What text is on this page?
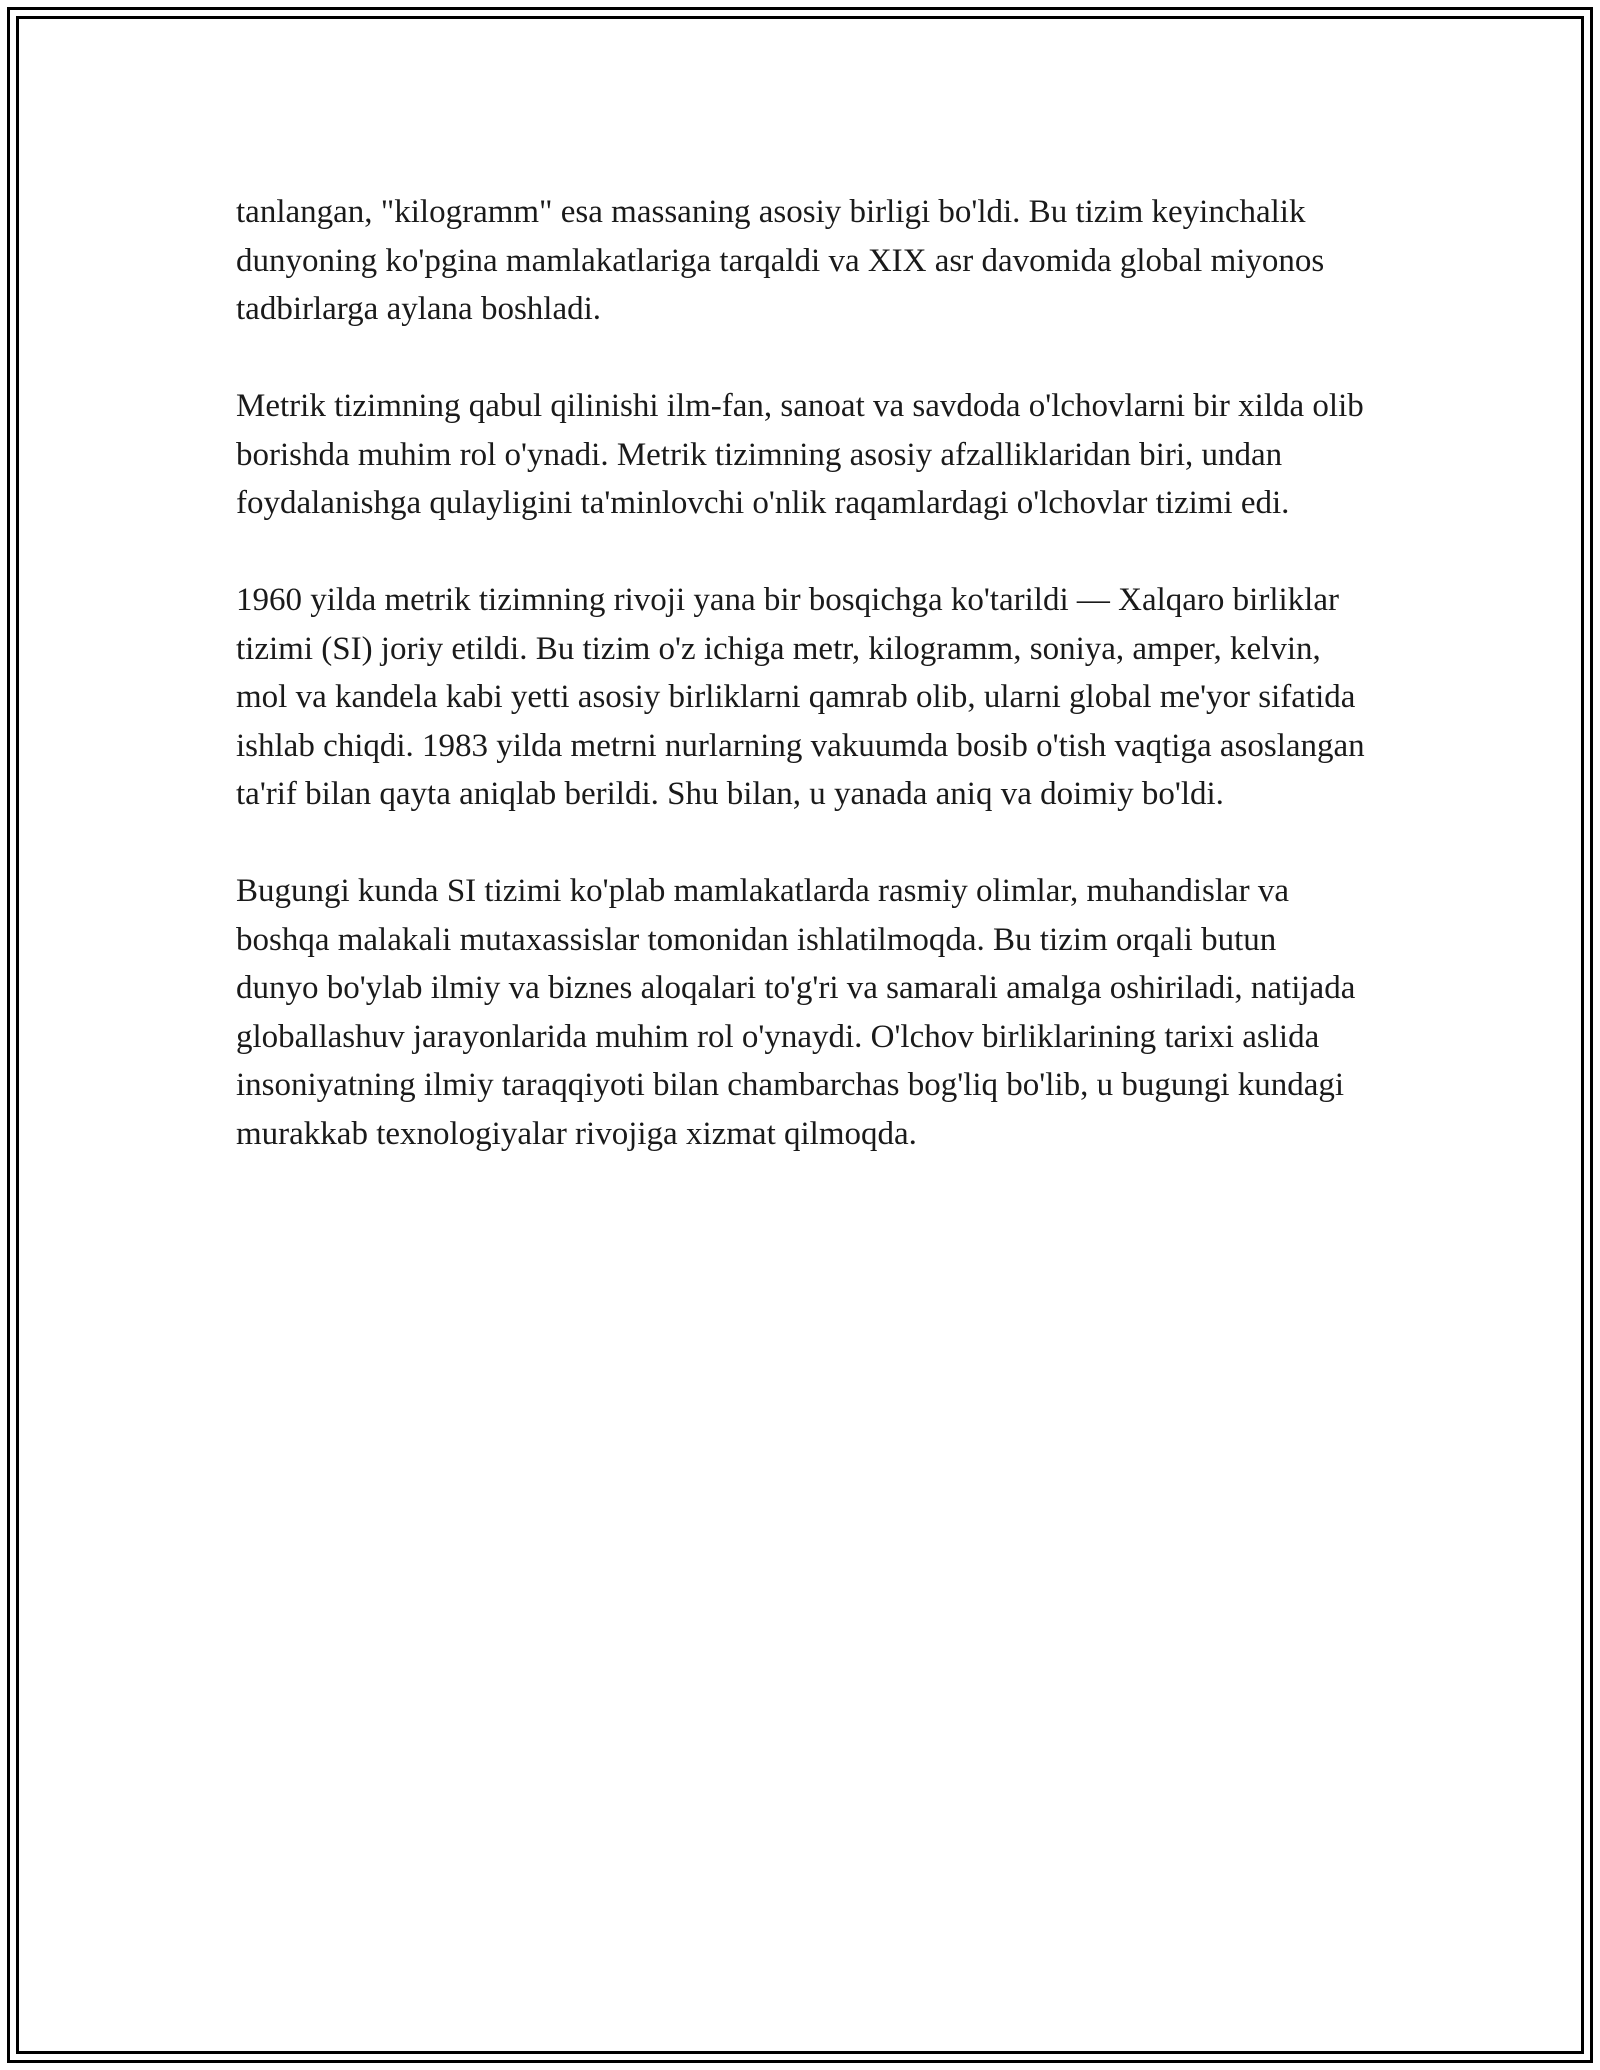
tanlangan, "kilogramm" esa massaning asosiy birligi bo'ldi. Bu tizim keyinchalik dunyoning ko'pgina mamlakatlariga tarqaldi va XIX asr davomida global miyonos tadbirlarga aylana boshladi.

Metrik tizimning qabul qilinishi ilm-fan, sanoat va savdoda o'lchovlarni bir xilda olib borishda muhim rol o'ynadi. Metrik tizimning asosiy afzalliklaridan biri, undan foydalanishga qulayligini ta'minlovchi o'nlik raqamlardagi o'lchovlar tizimi edi.

1960 yilda metrik tizimning rivoji yana bir bosqichga ko'tarildi — Xalqaro birliklar tizimi (SI) joriy etildi. Bu tizim o'z ichiga metr, kilogramm, soniya, amper, kelvin, mol va kandela kabi yetti asosiy birliklarni qamrab olib, ularni global me'yor sifatida ishlab chiqdi. 1983 yilda metrni nurlarning vakuumda bosib o'tish vaqtiga asoslangan ta'rif bilan qayta aniqlab berildi. Shu bilan, u yanada aniq va doimiy bo'ldi.

Bugungi kunda SI tizimi ko'plab mamlakatlarda rasmiy olimlar, muhandislar va boshqa malakali mutaxassislar tomonidan ishlatilmoqda. Bu tizim orqali butun dunyo bo'ylab ilmiy va biznes aloqalari to'g'ri va samarali amalga oshiriladi, natijada globallashuv jarayonlarida muhim rol o'ynaydi. O'lchov birliklarining tarixi aslida insoniyatning ilmiy taraqqiyoti bilan chambarchas bog'liq bo'lib, u bugungi kundagi murakkab texnologiyalar rivojiga xizmat qilmoqda.
